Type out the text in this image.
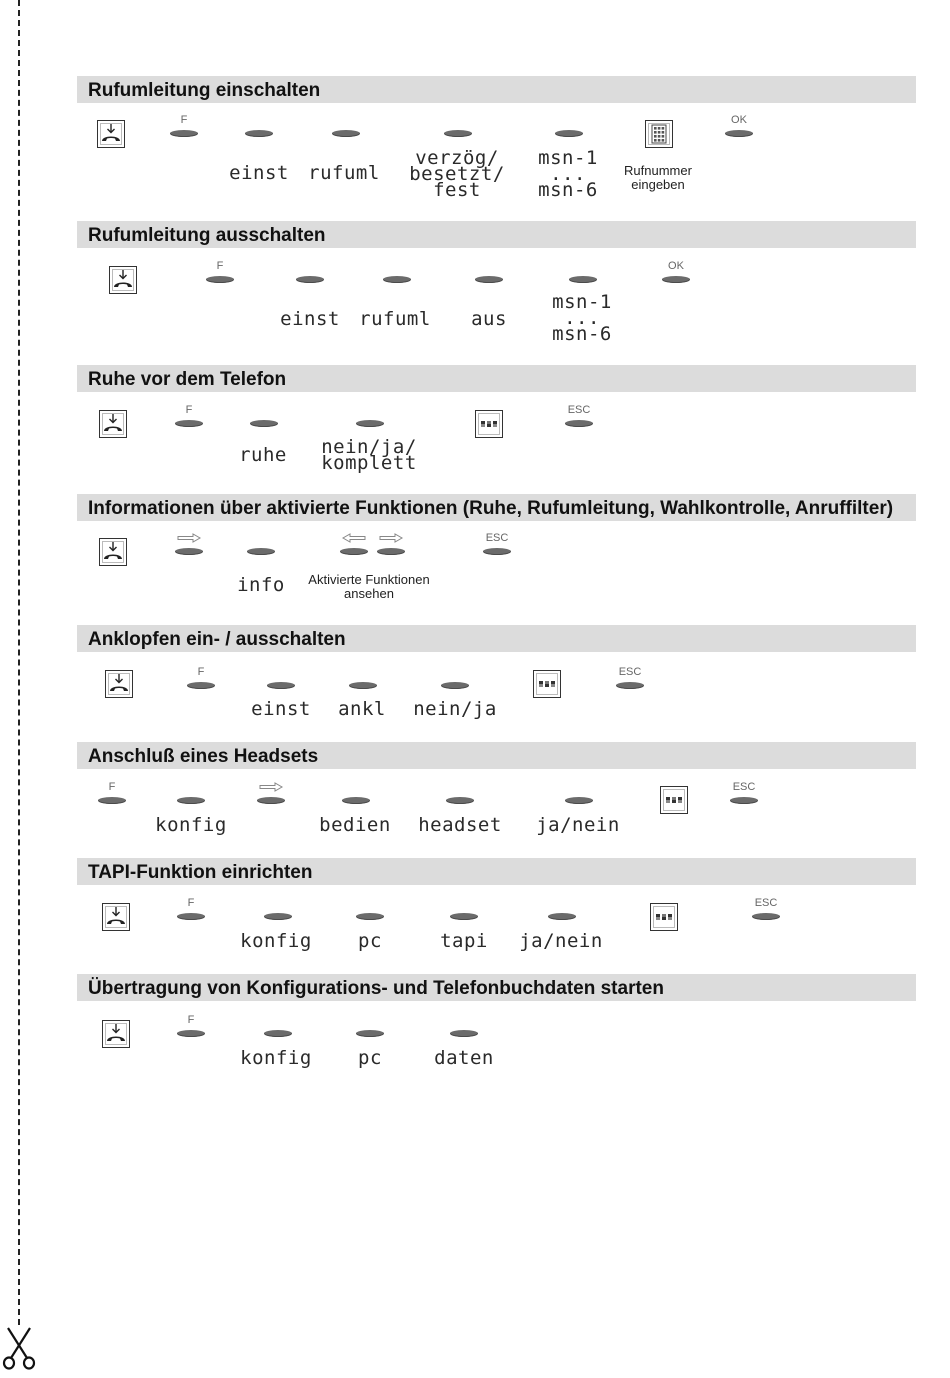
Rufumleitung einschalten
F	OK
einst rufuml
verzög/
besetzt/
fest
msn-1
...
msn-6
Rufnummer
eingeben
Rufumleitung ausschalten
F	OK
einst rufuml aus
msn-1
...
msn-6
Ruhe vor dem Telefon
F	ESC
ruhe nein/ja/
komplett
Informationen über aktivierte Funktionen (Ruhe, Rufumleitung, Wahlkontrolle, Anruffilter)
ESC
info Aktivierte Funktionen
ansehen
Anklopfen ein- / ausschalten
F	ESC
einst ankl nein/ja
Anschluß eines Headsets
F	ESC
konfig	bedien headset ja/nein
TAPI-Funktion einrichten
F	ESC
konfig pc	tapi ja/nein
Übertragung von Konfigurations- und Telefonbuchdaten starten
F
konfig pc	daten
